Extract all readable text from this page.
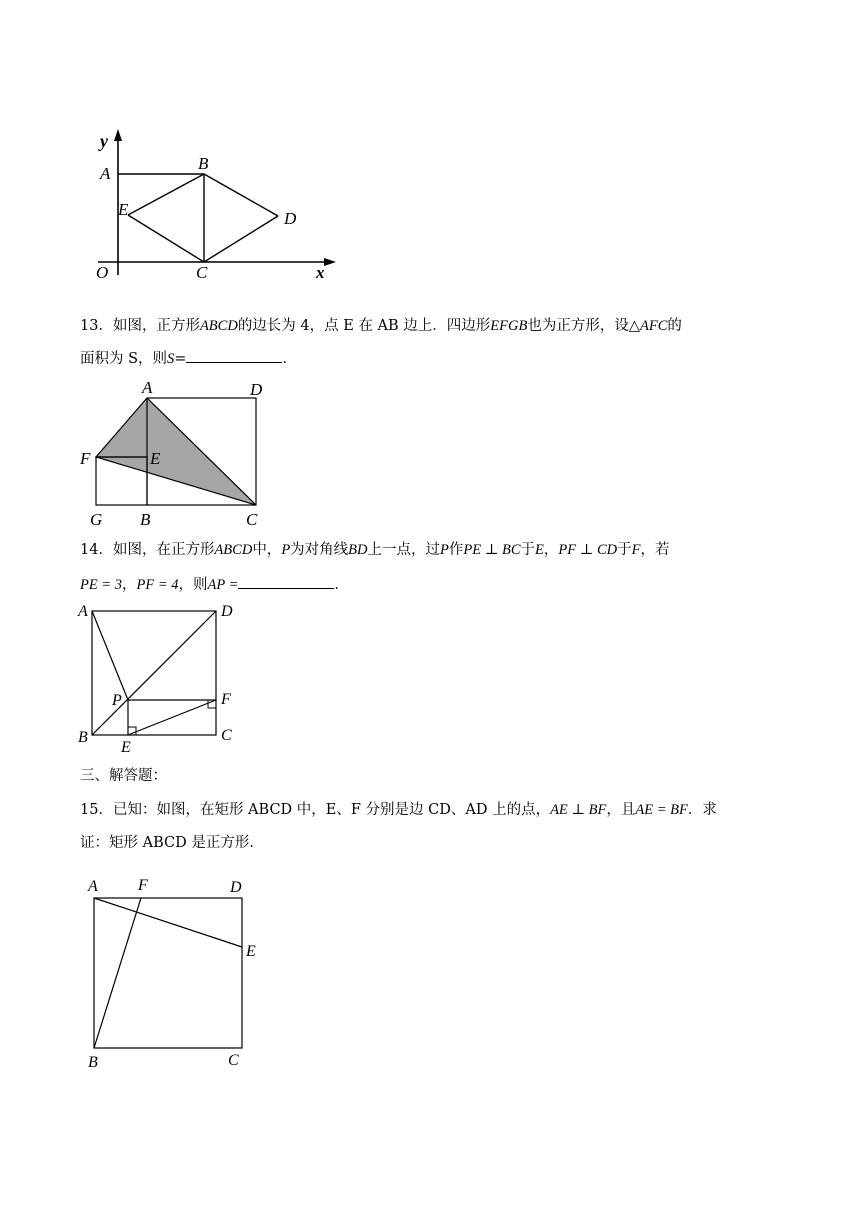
y
A
B
E	D
O	C	x
13．如图，正方形ABCD的边长为 4，点 E 在 AB 边上．四边形EFGB也为正方形，设△AFC的
面积为 S，则S=	．
A	D
F	E
G B	C
14．如图，在正方形ABCD中，P为对角线BD上一点，过P作PE ⊥ BC于E，PF ⊥ CD于F，若
PE = 3，PF = 4，则AP =	．
A	D
P	F
B
E
C
三、解答题：
15．已知：如图，在矩形 ABCD 中，E、F 分别是边 CD、AD 上的点，AE ⊥ BF，且AE = BF．求
证：矩形 ABCD 是正方形．
A	F	D
E
B	C
